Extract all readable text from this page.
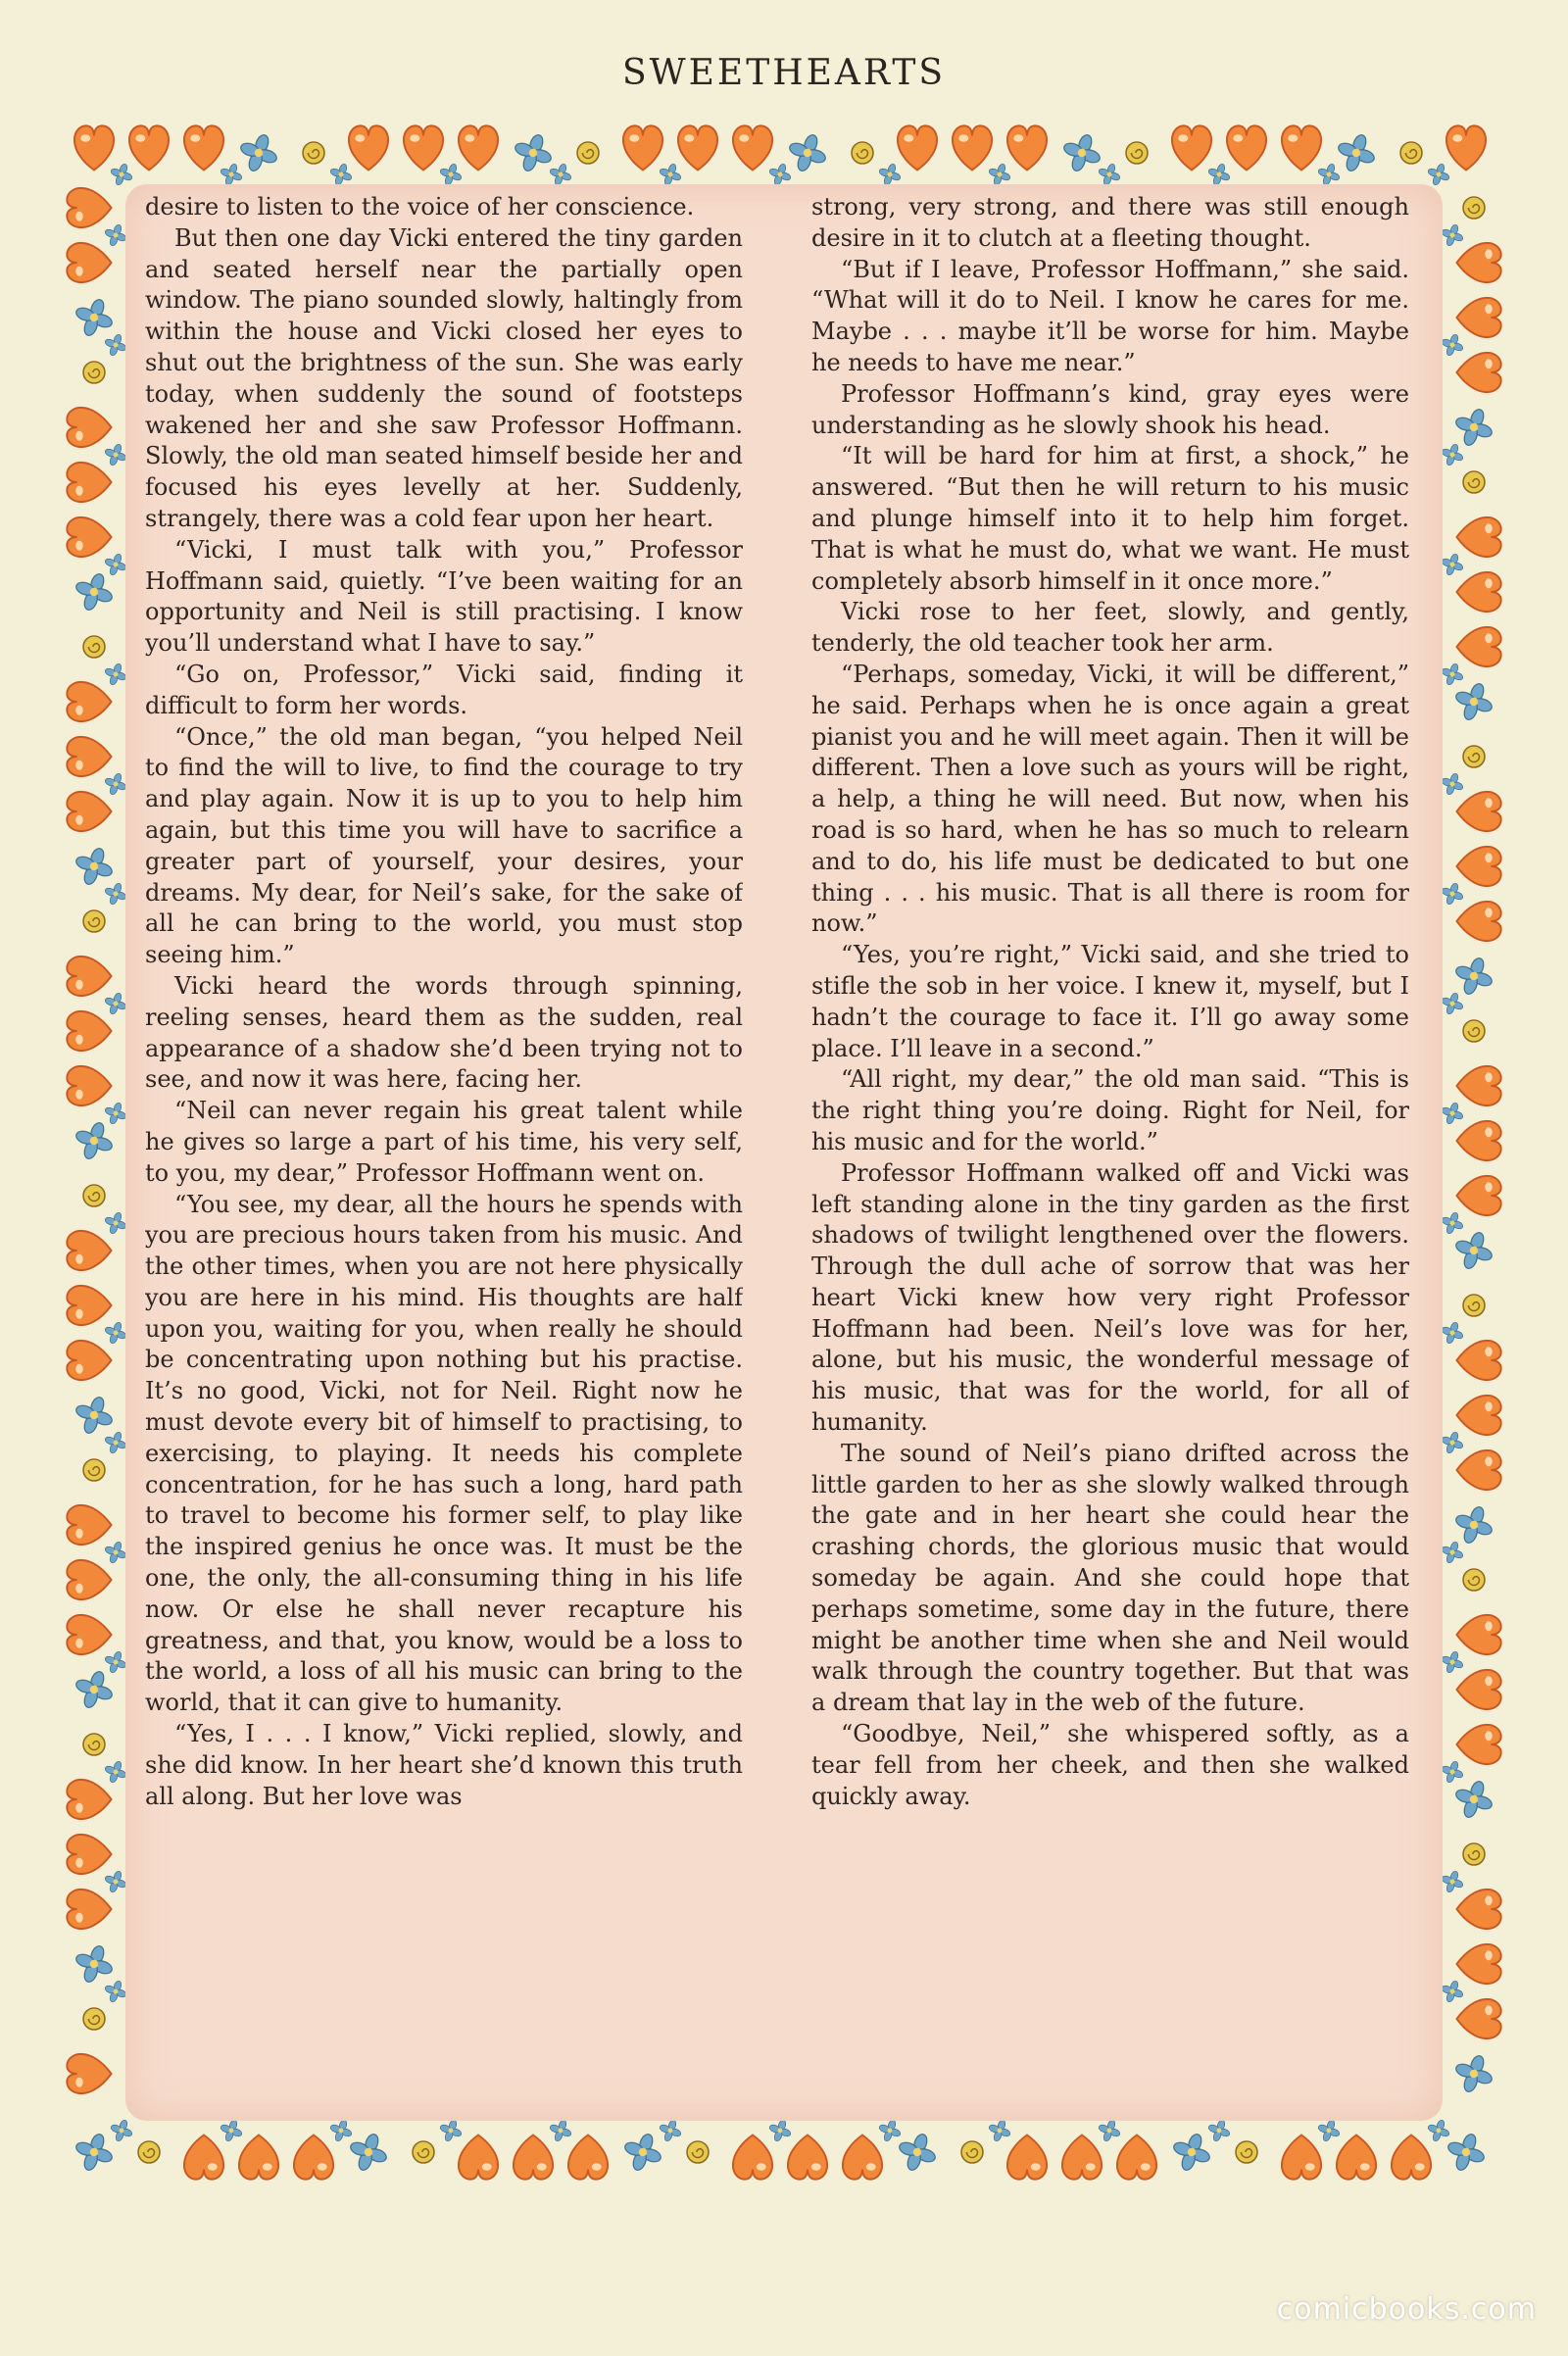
SWEETHEARTS

desire to listen to the voice of her conscience.

But then one day Vicki entered the tiny garden and seated herself near the partially open window. The piano sounded slowly, haltingly from within the house and Vicki closed her eyes to shut out the brightness of the sun. She was early today, when suddenly the sound of footsteps wakened her and she saw Professor Hoffmann. Slowly, the old man seated himself beside her and focused his eyes levelly at her. Suddenly, strangely, there was a cold fear upon her heart.

“Vicki, I must talk with you,” Professor Hoffmann said, quietly. “I’ve been waiting for an opportunity and Neil is still practising. I know you’ll understand what I have to say.”

“Go on, Professor,” Vicki said, finding it difficult to form her words.

“Once,” the old man began, “you helped Neil to find the will to live, to find the courage to try and play again. Now it is up to you to help him again, but this time you will have to sacrifice a greater part of yourself, your desires, your dreams. My dear, for Neil’s sake, for the sake of all he can bring to the world, you must stop seeing him.”

Vicki heard the words through spinning, reeling senses, heard them as the sudden, real appearance of a shadow she’d been trying not to see, and now it was here, facing her.

“Neil can never regain his great talent while he gives so large a part of his time, his very self, to you, my dear,” Professor Hoffmann went on.

“You see, my dear, all the hours he spends with you are precious hours taken from his music. And the other times, when you are not here physically you are here in his mind. His thoughts are half upon you, waiting for you, when really he should be concentrating upon nothing but his practise. It’s no good, Vicki, not for Neil. Right now he must devote every bit of himself to practising, to exercising, to playing. It needs his complete concentration, for he has such a long, hard path to travel to become his former self, to play like the inspired genius he once was. It must be the one, the only, the all-consuming thing in his life now. Or else he shall never recapture his greatness, and that, you know, would be a loss to the world, a loss of all his music can bring to the world, that it can give to humanity.

“Yes, I . . . I know,” Vicki replied, slowly, and she did know. In her heart she’d known this truth all along. But her love was

strong, very strong, and there was still enough desire in it to clutch at a fleeting thought.

“But if I leave, Professor Hoffmann,” she said. “What will it do to Neil. I know he cares for me. Maybe . . . maybe it’ll be worse for him. Maybe he needs to have me near.”

Professor Hoffmann’s kind, gray eyes were understanding as he slowly shook his head.

“It will be hard for him at first, a shock,” he answered. “But then he will return to his music and plunge himself into it to help him forget. That is what he must do, what we want. He must completely absorb himself in it once more.”

Vicki rose to her feet, slowly, and gently, tenderly, the old teacher took her arm.

“Perhaps, someday, Vicki, it will be different,” he said. Perhaps when he is once again a great pianist you and he will meet again. Then it will be different. Then a love such as yours will be right, a help, a thing he will need. But now, when his road is so hard, when he has so much to relearn and to do, his life must be dedicated to but one thing . . . his music. That is all there is room for now.”

“Yes, you’re right,” Vicki said, and she tried to stifle the sob in her voice. I knew it, myself, but I hadn’t the courage to face it. I’ll go away some place. I’ll leave in a second.”

“All right, my dear,” the old man said. “This is the right thing you’re doing. Right for Neil, for his music and for the world.”

Professor Hoffmann walked off and Vicki was left standing alone in the tiny garden as the first shadows of twilight lengthened over the flowers. Through the dull ache of sorrow that was her heart Vicki knew how very right Professor Hoffmann had been. Neil’s love was for her, alone, but his music, the wonderful message of his music, that was for the world, for all of humanity.

The sound of Neil’s piano drifted across the little garden to her as she slowly walked through the gate and in her heart she could hear the crashing chords, the glorious music that would someday be again. And she could hope that perhaps sometime, some day in the future, there might be another time when she and Neil would walk through the country together. But that was a dream that lay in the web of the future.

“Goodbye, Neil,” she whispered softly, as a tear fell from her cheek, and then she walked quickly away.

comicbooks.com
